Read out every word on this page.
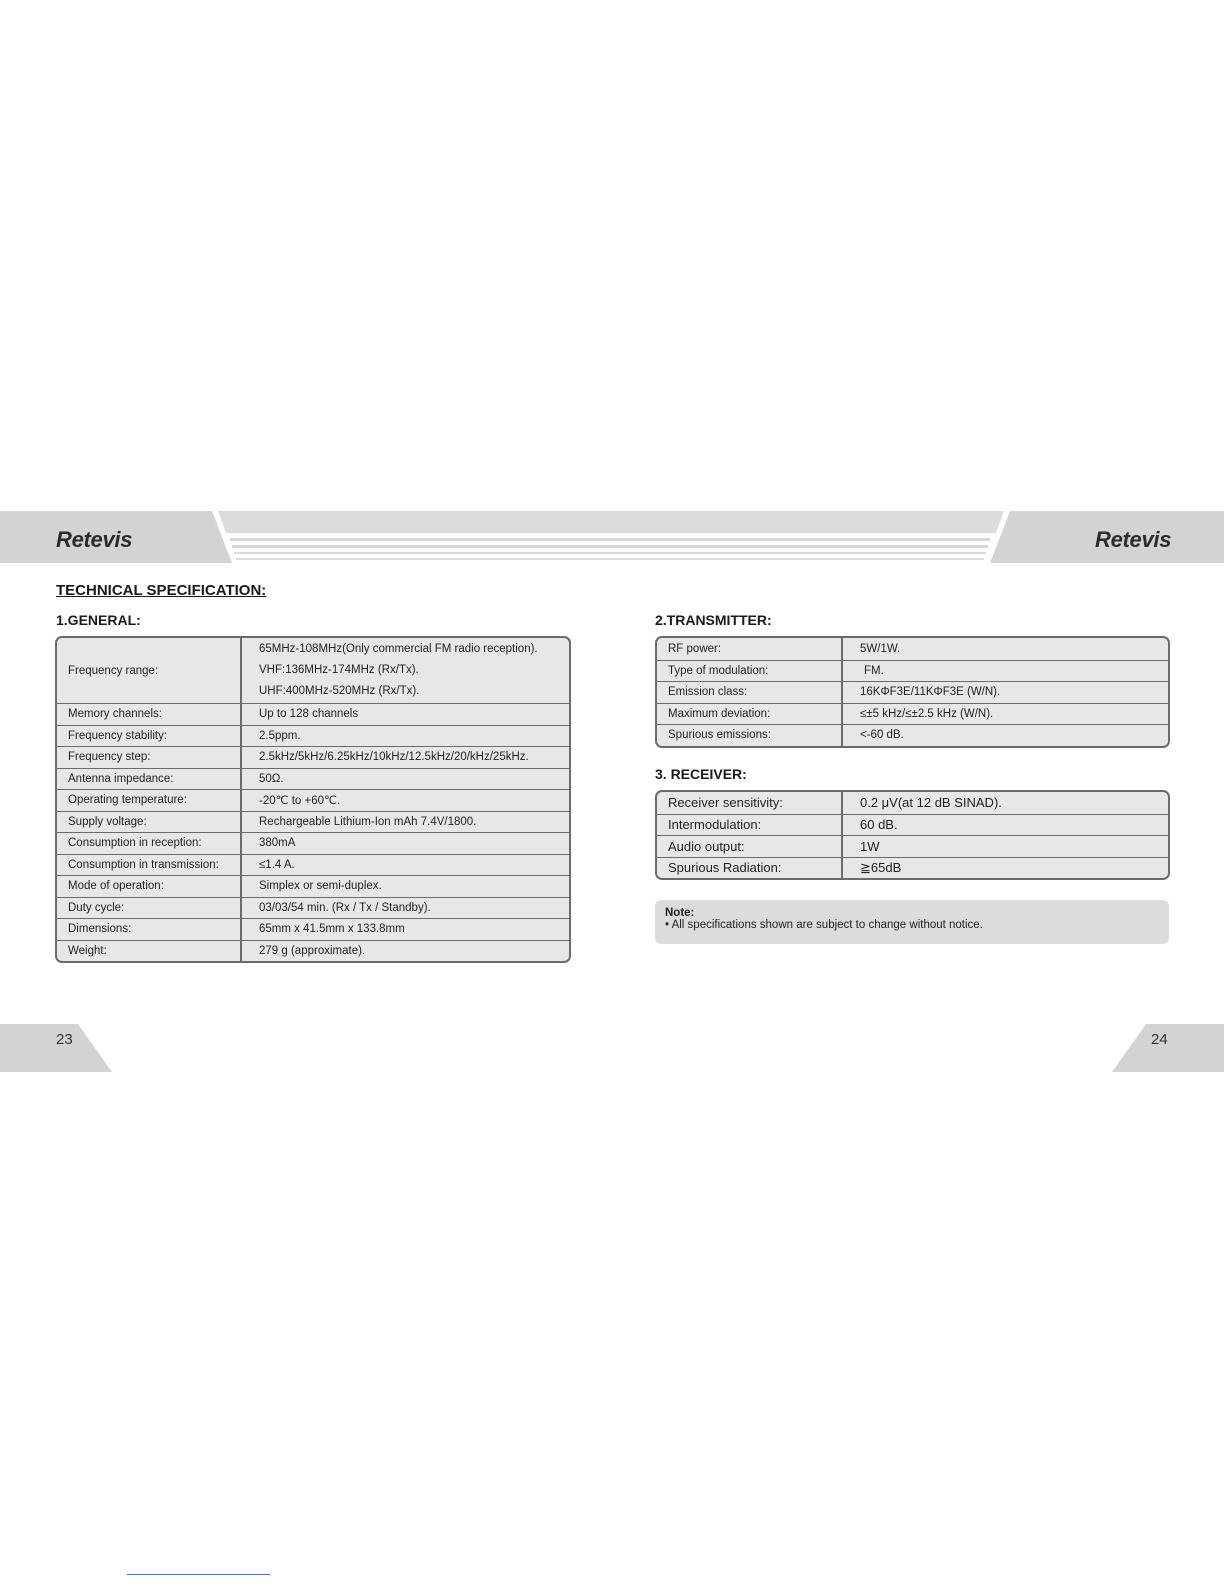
Retevis	Retevis
TECHNICAL SPECIFICATION:
1.GENERAL:
Frequency range:
65MHz-108MHz(Only commercial FM radio reception).
VHF:136MHz-174MHz (Rx/Tx).
UHF:400MHz-520MHz (Rx/Tx).
Memory channels:	Up to 128 channels
Frequency stability:	2.5ppm.
Frequency step:	2.5kHz/5kHz/6.25kHz/10kHz/12.5kHz/20/kHz/25kHz.
Antenna impedance:	50Ω.
Operating temperature:	-20℃ to +60℃.
Supply voltage:	Rechargeable Lithium-Ion mAh 7.4V/1800.
Consumption in reception:	380mA
Consumption in transmission:	≤1.4 A.
Mode of operation:	Simplex or semi-duplex.
Duty cycle:	03/03/54 min. (Rx / Tx / Standby).
Dimensions:	65mm x 41.5mm x 133.8mm
Weight:	279 g (approximate).
2.TRANSMITTER:
RF power:	5W/1W.
Type of modulation:	FM.
Emission class:	16KΦF3E/11KΦF3E (W/N).
Maximum deviation:	≤±5 kHz/≤±2.5 kHz (W/N).
Spurious emissions:	<-60 dB.
3. RECEIVER:
Receiver sensitivity:	0.2 μV(at 12 dB SINAD).
Intermodulation:	60 dB.
Audio output:	1W
Spurious Radiation:	≧65dB
Note:
• All specifications shown are subject to change without notice.
23	24
